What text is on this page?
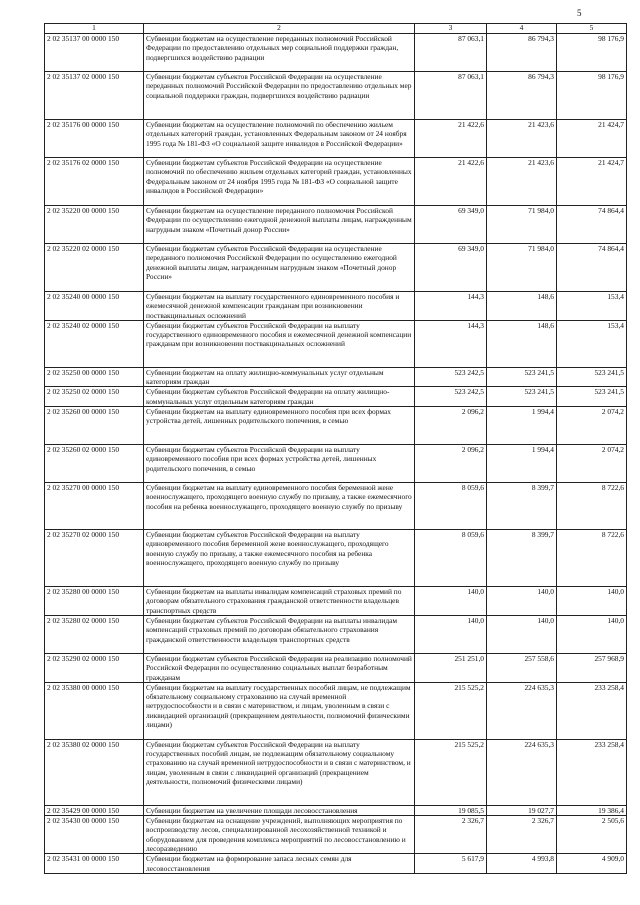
5
1	2	3	4	5
2 02 35137 00 0000 150	Субвенции бюджетам на осуществление переданных полномочий Российской Федерации по предоставлению отдельных мер социальной поддержки граждан, подвергшихся воздействию радиации	87 063,1	86 794,3	98 176,9
2 02 35137 02 0000 150	Субвенции бюджетам субъектов Российской Федерации на осуществление переданных полномочий Российской Федерации по предоставлению отдельных мер социальной поддержки граждан, подвергшихся воздействию радиации	87 063,1	86 794,3	98 176,9
2 02 35176 00 0000 150	Субвенции бюджетам на осуществление полномочий по обеспечению жильем отдельных категорий граждан, установленных Федеральным законом от 24 ноября 1995 года № 181-ФЗ «О социальной защите инвалидов в Российской Федерации»	21 422,6	21 423,6	21 424,7
2 02 35176 02 0000 150	Субвенции бюджетам субъектов Российской Федерации на осуществление полномочий по обеспечению жильем отдельных категорий граждан, установленных Федеральным законом от 24 ноября 1995 года № 181-ФЗ «О социальной защите инвалидов в Российской Федерации»	21 422,6	21 423,6	21 424,7
2 02 35220 00 0000 150	Субвенции бюджетам на осуществление переданного полномочия Российской Федерации по осуществлению ежегодной денежной выплаты лицам, награжденным нагрудным знаком «Почетный донор России»	69 349,0	71 984,0	74 864,4
2 02 35220 02 0000 150	Субвенции бюджетам субъектов Российской Федерации на осуществление переданного полномочия Российской Федерации по осуществлению ежегодной денежной выплаты лицам, награжденным нагрудным знаком «Почетный донор России»	69 349,0	71 984,0	74 864,4
2 02 35240 00 0000 150	Субвенции бюджетам на выплату государственного единовременного пособия и ежемесячной денежной компенсации гражданам при возникновении поствакцинальных осложнений	144,3	148,6	153,4
2 02 35240 02 0000 150	Субвенции бюджетам субъектов Российской Федерации на выплату государственного единовременного пособия и ежемесячной денежной компенсации гражданам при возникновении поствакцинальных осложнений	144,3	148,6	153,4
2 02 35250 00 0000 150	Субвенции бюджетам на оплату жилищно-коммунальных услуг отдельным категориям граждан	523 242,5	523 241,5	523 241,5
2 02 35250 02 0000 150	Субвенции бюджетам субъектов Российской Федерации на оплату жилищно-коммунальных услуг отдельным категориям граждан	523 242,5	523 241,5	523 241,5
2 02 35260 00 0000 150	Субвенции бюджетам на выплату единовременного пособия при всех формах устройства детей, лишенных родительского попечения, в семью	2 096,2	1 994,4	2 074,2
2 02 35260 02 0000 150	Субвенции бюджетам субъектов Российской Федерации на выплату единовременного пособия при всех формах устройства детей, лишенных родительского попечения, в семью	2 096,2	1 994,4	2 074,2
2 02 35270 00 0000 150	Субвенции бюджетам на выплату единовременного пособия беременной жене военнослужащего, проходящего военную службу по призыву, а также ежемесячного пособия на ребенка военнослужащего, проходящего военную службу по призыву	8 059,6	8 399,7	8 722,6
2 02 35270 02 0000 150	Субвенции бюджетам субъектов Российской Федерации на выплату единовременного пособия беременной жене военнослужащего, проходящего военную службу по призыву, а также ежемесячного пособия на ребенка военнослужащего, проходящего военную службу по призыву	8 059,6	8 399,7	8 722,6
2 02 35280 00 0000 150	Субвенции бюджетам на выплаты инвалидам компенсаций страховых премий по договорам обязательного страхования гражданской ответственности владельцев транспортных средств	140,0	140,0	140,0
2 02 35280 02 0000 150	Субвенции бюджетам субъектов Российской Федерации на выплаты инвалидам компенсаций страховых премий по договорам обязательного страхования гражданской ответственности владельцев транспортных средств	140,0	140,0	140,0
2 02 35290 02 0000 150	Субвенции бюджетам субъектов Российской Федерации на реализацию полномочий Российской Федерации по осуществлению социальных выплат безработным гражданам	251 251,0	257 558,6	257 968,9
2 02 35380 00 0000 150	Субвенции бюджетам на выплату государственных пособий лицам, не подлежащим обязательному социальному страхованию на случай временной нетрудоспособности и в связи с материнством, и лицам, уволенным в связи с ликвидацией организаций (прекращением деятельности, полномочий физическими лицами)	215 525,2	224 635,3	233 258,4
2 02 35380 02 0000 150	Субвенции бюджетам субъектов Российской Федерации на выплату государственных пособий лицам, не подлежащим обязательному социальному страхованию на случай временной нетрудоспособности и в связи с материнством, и лицам, уволенным в связи с ликвидацией организаций (прекращением деятельности, полномочий физическими лицами)	215 525,2	224 635,3	233 258,4
2 02 35429 00 0000 150	Субвенции бюджетам на увеличение площади лесовосстановления	19 085,5	19 027,7	19 386,4
2 02 35430 00 0000 150	Субвенции бюджетам на оснащение учреждений, выполняющих мероприятия по воспроизводству лесов, специализированной лесохозяйственной техникой и оборудованием для проведения комплекса мероприятий по лесовосстановлению и лесоразведению	2 326,7	2 326,7	2 505,6
2 02 35431 00 0000 150	Субвенции бюджетам на формирование запаса лесных семян для лесовосстановления	5 617,9	4 993,8	4 909,0
